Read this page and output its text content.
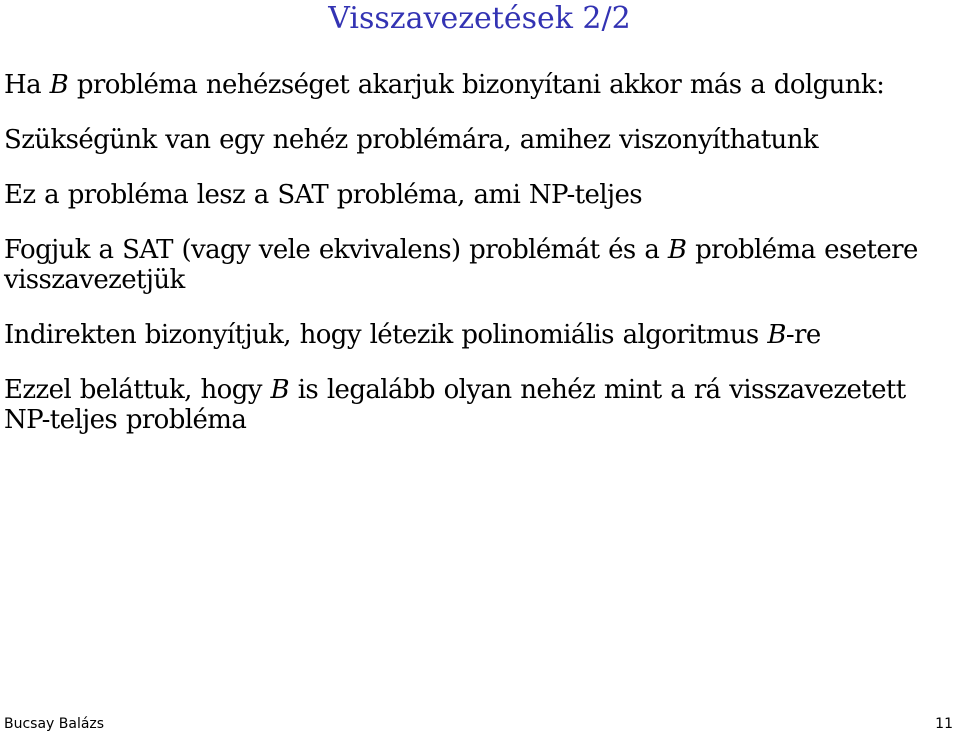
Visszavezetések 2/2

Ha B probléma nehézséget akarjuk bizonyítani akkor más a dolgunk:

Szükségünk van egy nehéz problémára, amihez viszonyíthatunk

Ez a probléma lesz a SAT probléma, ami NP-teljes

Fogjuk a SAT (vagy vele ekvivalens) problémát és a B probléma esetere visszavezetjük

Indirekten bizonyítjuk, hogy létezik polinomiális algoritmus B-re

Ezzel beláttuk, hogy B is legalább olyan nehéz mint a rá visszavezetett NP-teljes probléma

Bucsay Balázs	11
